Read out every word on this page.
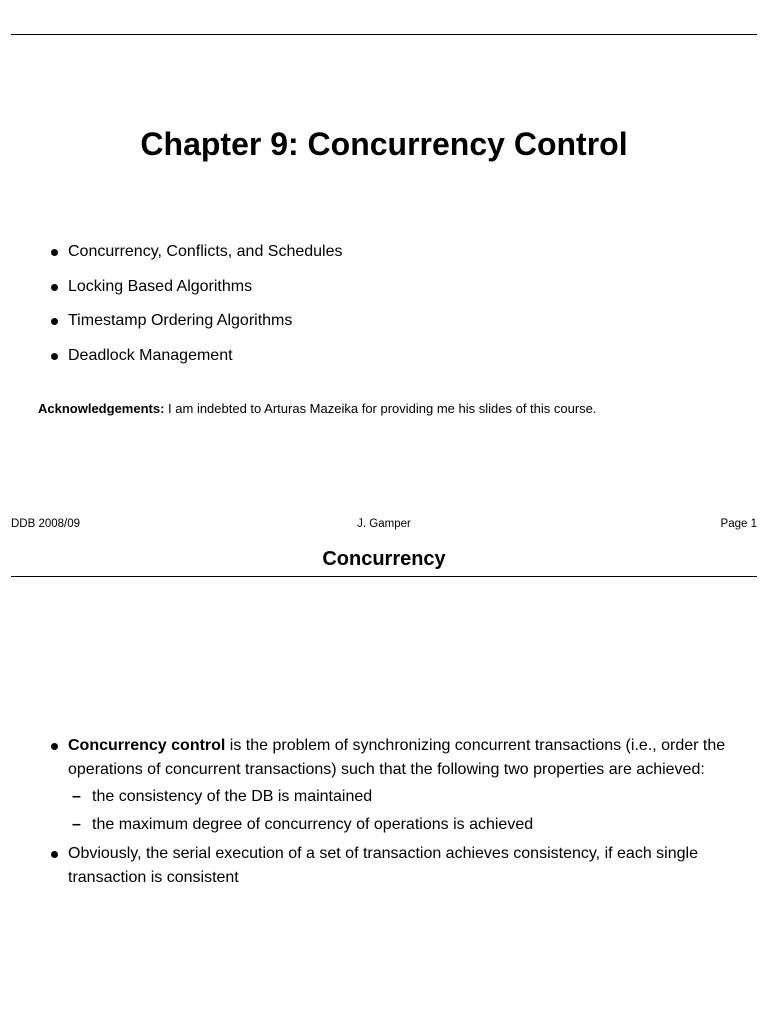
Chapter 9: Concurrency Control
Concurrency, Conflicts, and Schedules
Locking Based Algorithms
Timestamp Ordering Algorithms
Deadlock Management
Acknowledgements: I am indebted to Arturas Mazeika for providing me his slides of this course.
DDB 2008/09	J. Gamper	Page 1
Concurrency
Concurrency control is the problem of synchronizing concurrent transactions (i.e., order the operations of concurrent transactions) such that the following two properties are achieved:
– the consistency of the DB is maintained
– the maximum degree of concurrency of operations is achieved
Obviously, the serial execution of a set of transaction achieves consistency, if each single transaction is consistent
